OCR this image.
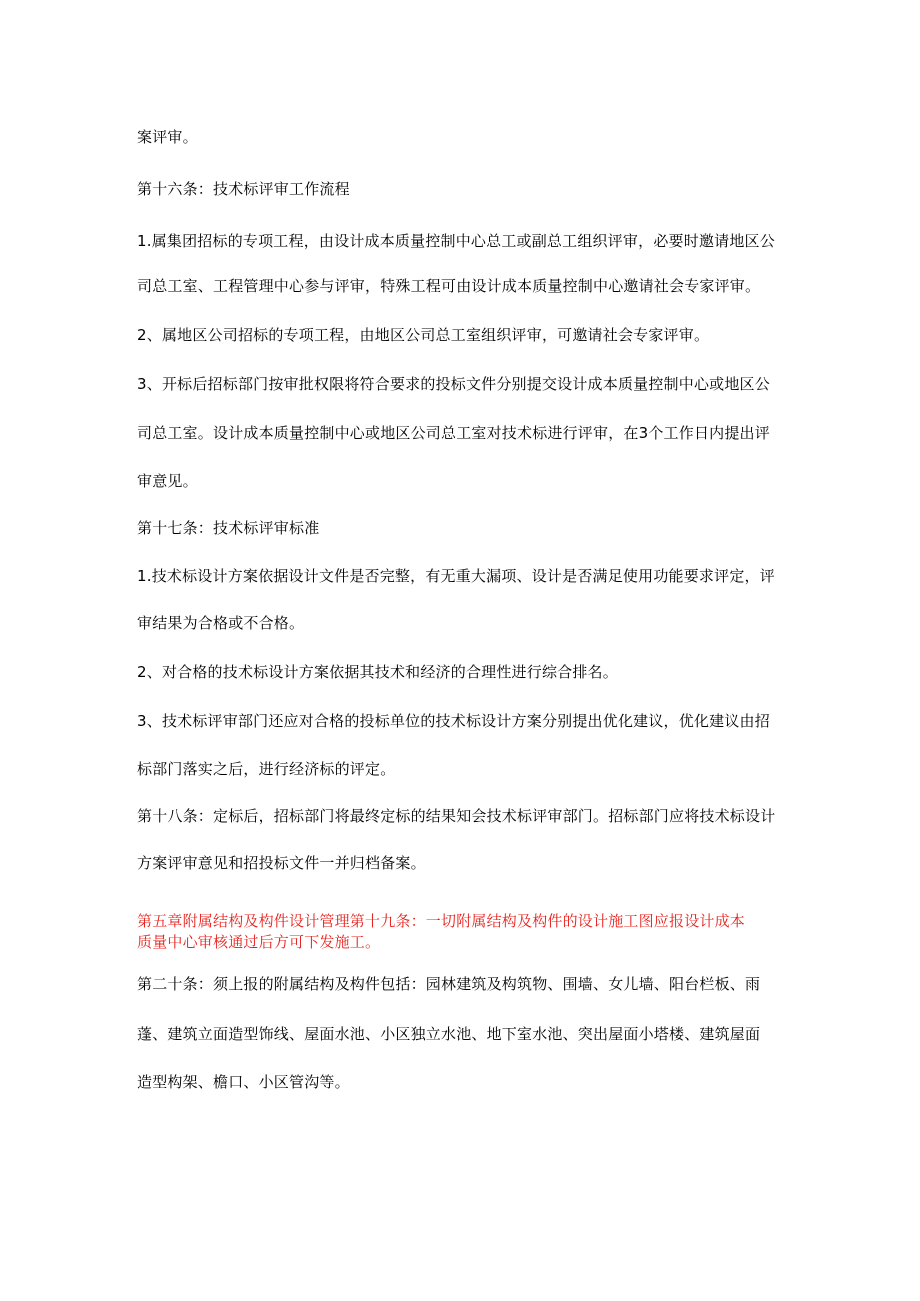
案评审。
第十六条：技术标评审工作流程
1.属集团招标的专项工程，由设计成本质量控制中心总工或副总工组织评审，必要时邀请地区公
司总工室、工程管理中心参与评审，特殊工程可由设计成本质量控制中心邀请社会专家评审。
2、属地区公司招标的专项工程，由地区公司总工室组织评审，可邀请社会专家评审。
3、开标后招标部门按审批权限将符合要求的投标文件分别提交设计成本质量控制中心或地区公
司总工室。设计成本质量控制中心或地区公司总工室对技术标进行评审，在3个工作日内提出评
审意见。
第十七条：技术标评审标准
1.技术标设计方案依据设计文件是否完整，有无重大漏项、设计是否满足使用功能要求评定，评
审结果为合格或不合格。
2、对合格的技术标设计方案依据其技术和经济的合理性进行综合排名。
3、技术标评审部门还应对合格的投标单位的技术标设计方案分别提出优化建议，优化建议由招
标部门落实之后，进行经济标的评定。
第十八条：定标后，招标部门将最终定标的结果知会技术标评审部门。招标部门应将技术标设计
方案评审意见和招投标文件一并归档备案。
第五章附属结构及构件设计管理第十九条：一切附属结构及构件的设计施工图应报设计成本
质量中心审核通过后方可下发施工。
第二十条：须上报的附属结构及构件包括：园林建筑及构筑物、围墙、女儿墙、阳台栏板、雨
蓬、建筑立面造型饰线、屋面水池、小区独立水池、地下室水池、突出屋面小塔楼、建筑屋面
造型构架、檐口、小区管沟等。
